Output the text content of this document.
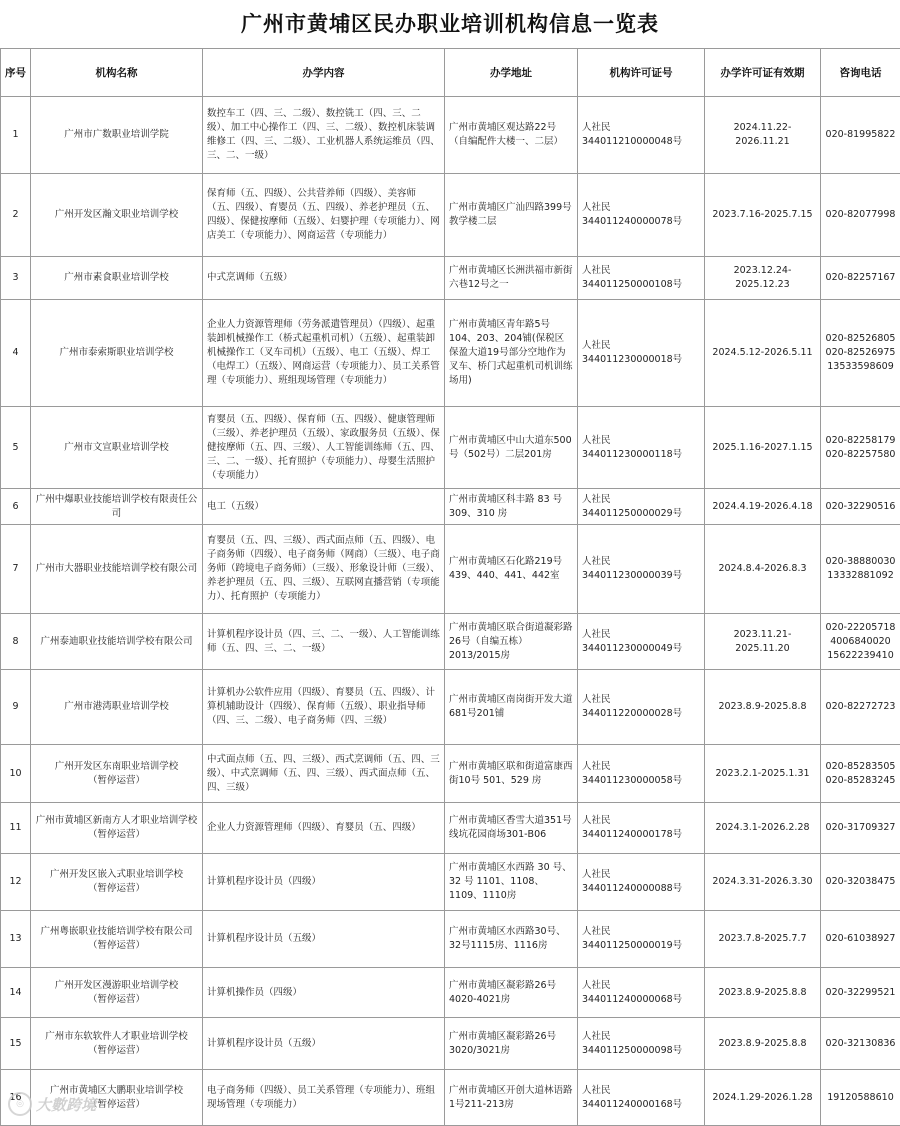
广州市黄埔区民办职业培训机构信息一览表
序号	机构名称	办学内容	办学地址	机构许可证号	办学许可证有效期	咨询电话
1	广州市广数职业培训学院	数控车工（四、三、二级）、数控铣工（四、三、二级）、加工中心操作工（四、三、二级）、数控机床装调维修工（四、三、二级）、工业机器人系统运维员（四、三、二、一级）	广州市黄埔区观达路22号（自编配件大楼一、二层）	人社民344011210000048号	2024.11.22-2026.11.21	020-81995822

2	广州开发区瀚文职业培训学校	保育师（五、四级）、公共营养师（四级）、美容师（五、四级）、育婴员（五、四级）、养老护理员（五、四级）、保健按摩师（五级）、妇婴护理（专项能力）、网店美工（专项能力）、网商运营（专项能力）	广州市黄埔区广汕四路399号教学楼二层	人社民344011240000078号	2023.7.16-2025.7.15	020-82077998

3	广州市素食职业培训学校	中式烹调师（五级）	广州市黄埔区长洲洪福市新街六巷12号之一	人社民344011250000108号	2023.12.24-2025.12.23	020-82257167

4	广州市泰索斯职业培训学校	企业人力资源管理师（劳务派遣管理员）（四级）、起重装卸机械操作工（桥式起重机司机）（五级）、起重装卸机械操作工（叉车司机）（五级）、电工（五级）、焊工（电焊工）（五级）、网商运营（专项能力）、员工关系管理（专项能力）、班组现场管理（专项能力）	广州市黄埔区青年路5号104、203、204铺(保税区保盈大道19号部分空地作为叉车、桥门式起重机司机训练场用)	人社民344011230000018号	2024.5.12-2026.5.11	020-82526805
020-82526975
13533598609

5	广州市文宣职业培训学校	育婴员（五、四级）、保育师（五、四级）、健康管理师（三级）、养老护理员（五级）、家政服务员（五级）、保健按摩师（五、四、三级）、人工智能训练师（五、四、三、二、一级）、托育照护（专项能力）、母婴生活照护（专项能力）	广州市黄埔区中山大道东500号（502号）二层201房	人社民344011230000118号	2025.1.16-2027.1.15	020-82258179
020-82257580

6	广州中爆职业技能培训学校有限责任公司	电工（五级）	广州市黄埔区科丰路 83 号 309、310 房	人社民344011250000029号	2024.4.19-2026.4.18	020-32290516

7	广州市大器职业技能培训学校有限公司	育婴员（五、四、三级）、西式面点师（五、四级）、电子商务师（四级）、电子商务师（网商）（三级）、电子商务师（跨境电子商务师）（三级）、形象设计师（三级）、养老护理员（五、四、三级）、互联网直播营销（专项能力）、托育照护（专项能力）	广州市黄埔区石化路219号439、440、441、442室	人社民344011230000039号	2024.8.4-2026.8.3	020-38880030
13332881092

8	广州泰迪职业技能培训学校有限公司	计算机程序设计员（四、三、二、一级）、人工智能训练师（五、四、三、二、一级）	广州市黄埔区联合街道凝彩路26号（自编五栋）2013/2015房	人社民344011230000049号	2023.11.21-2025.11.20	020-22205718
4006840020
15622239410

9	广州市港湾职业培训学校	计算机办公软件应用（四级）、育婴员（五、四级）、计算机辅助设计（四级）、保育师（五级）、职业指导师（四、三、二级）、电子商务师（四、三级）	广州市黄埔区南岗街开发大道681号201铺	人社民344011220000028号	2023.8.9-2025.8.8	020-82272723

10	广州开发区东南职业培训学校
（暂停运营）	中式面点师（五、四、三级）、西式烹调师（五、四、三级）、中式烹调师（五、四、三级）、西式面点师（五、四、三级）	广州市黄埔区联和街道富康西街10号 501、529 房	人社民344011230000058号	2023.2.1-2025.1.31	020-85283505
020-85283245

11	广州市黄埔区新南方人才职业培训学校
（暂停运营）	企业人力资源管理师（四级）、育婴员（五、四级）	广州市黄埔区香雪大道351号线坑花园商场301-B06	人社民344011240000178号	2024.3.1-2026.2.28	020-31709327

12	广州开发区嵌入式职业培训学校
（暂停运营）	计算机程序设计员（四级）	广州市黄埔区水西路 30 号、32 号 1101、1108、1109、1110房	人社民344011240000088号	2024.3.31-2026.3.30	020-32038475

13	广州粤嵌职业技能培训学校有限公司
（暂停运营）	计算机程序设计员（五级）	广州市黄埔区水西路30号、32号1115房、1116房	人社民344011250000019号	2023.7.8-2025.7.7	020-61038927

14	广州开发区漫游职业培训学校
（暂停运营）	计算机操作员（四级）	广州市黄埔区凝彩路26号4020-4021房	人社民344011240000068号	2023.8.9-2025.8.8	020-32299521

15	广州市东软软件人才职业培训学校
（暂停运营）	计算机程序设计员（五级）	广州市黄埔区凝彩路26号3020/3021房	人社民344011250000098号	2023.8.9-2025.8.8	020-32130836

16	广州市黄埔区大鹏职业培训学校
（暂停运营）	电子商务师（四级）、员工关系管理（专项能力）、班组现场管理（专项能力）	广州市黄埔区开创大道林语路1号211-213房	人社民344011240000168号	2024.1.29-2026.1.28	19120588610
◎ 大數跨境
